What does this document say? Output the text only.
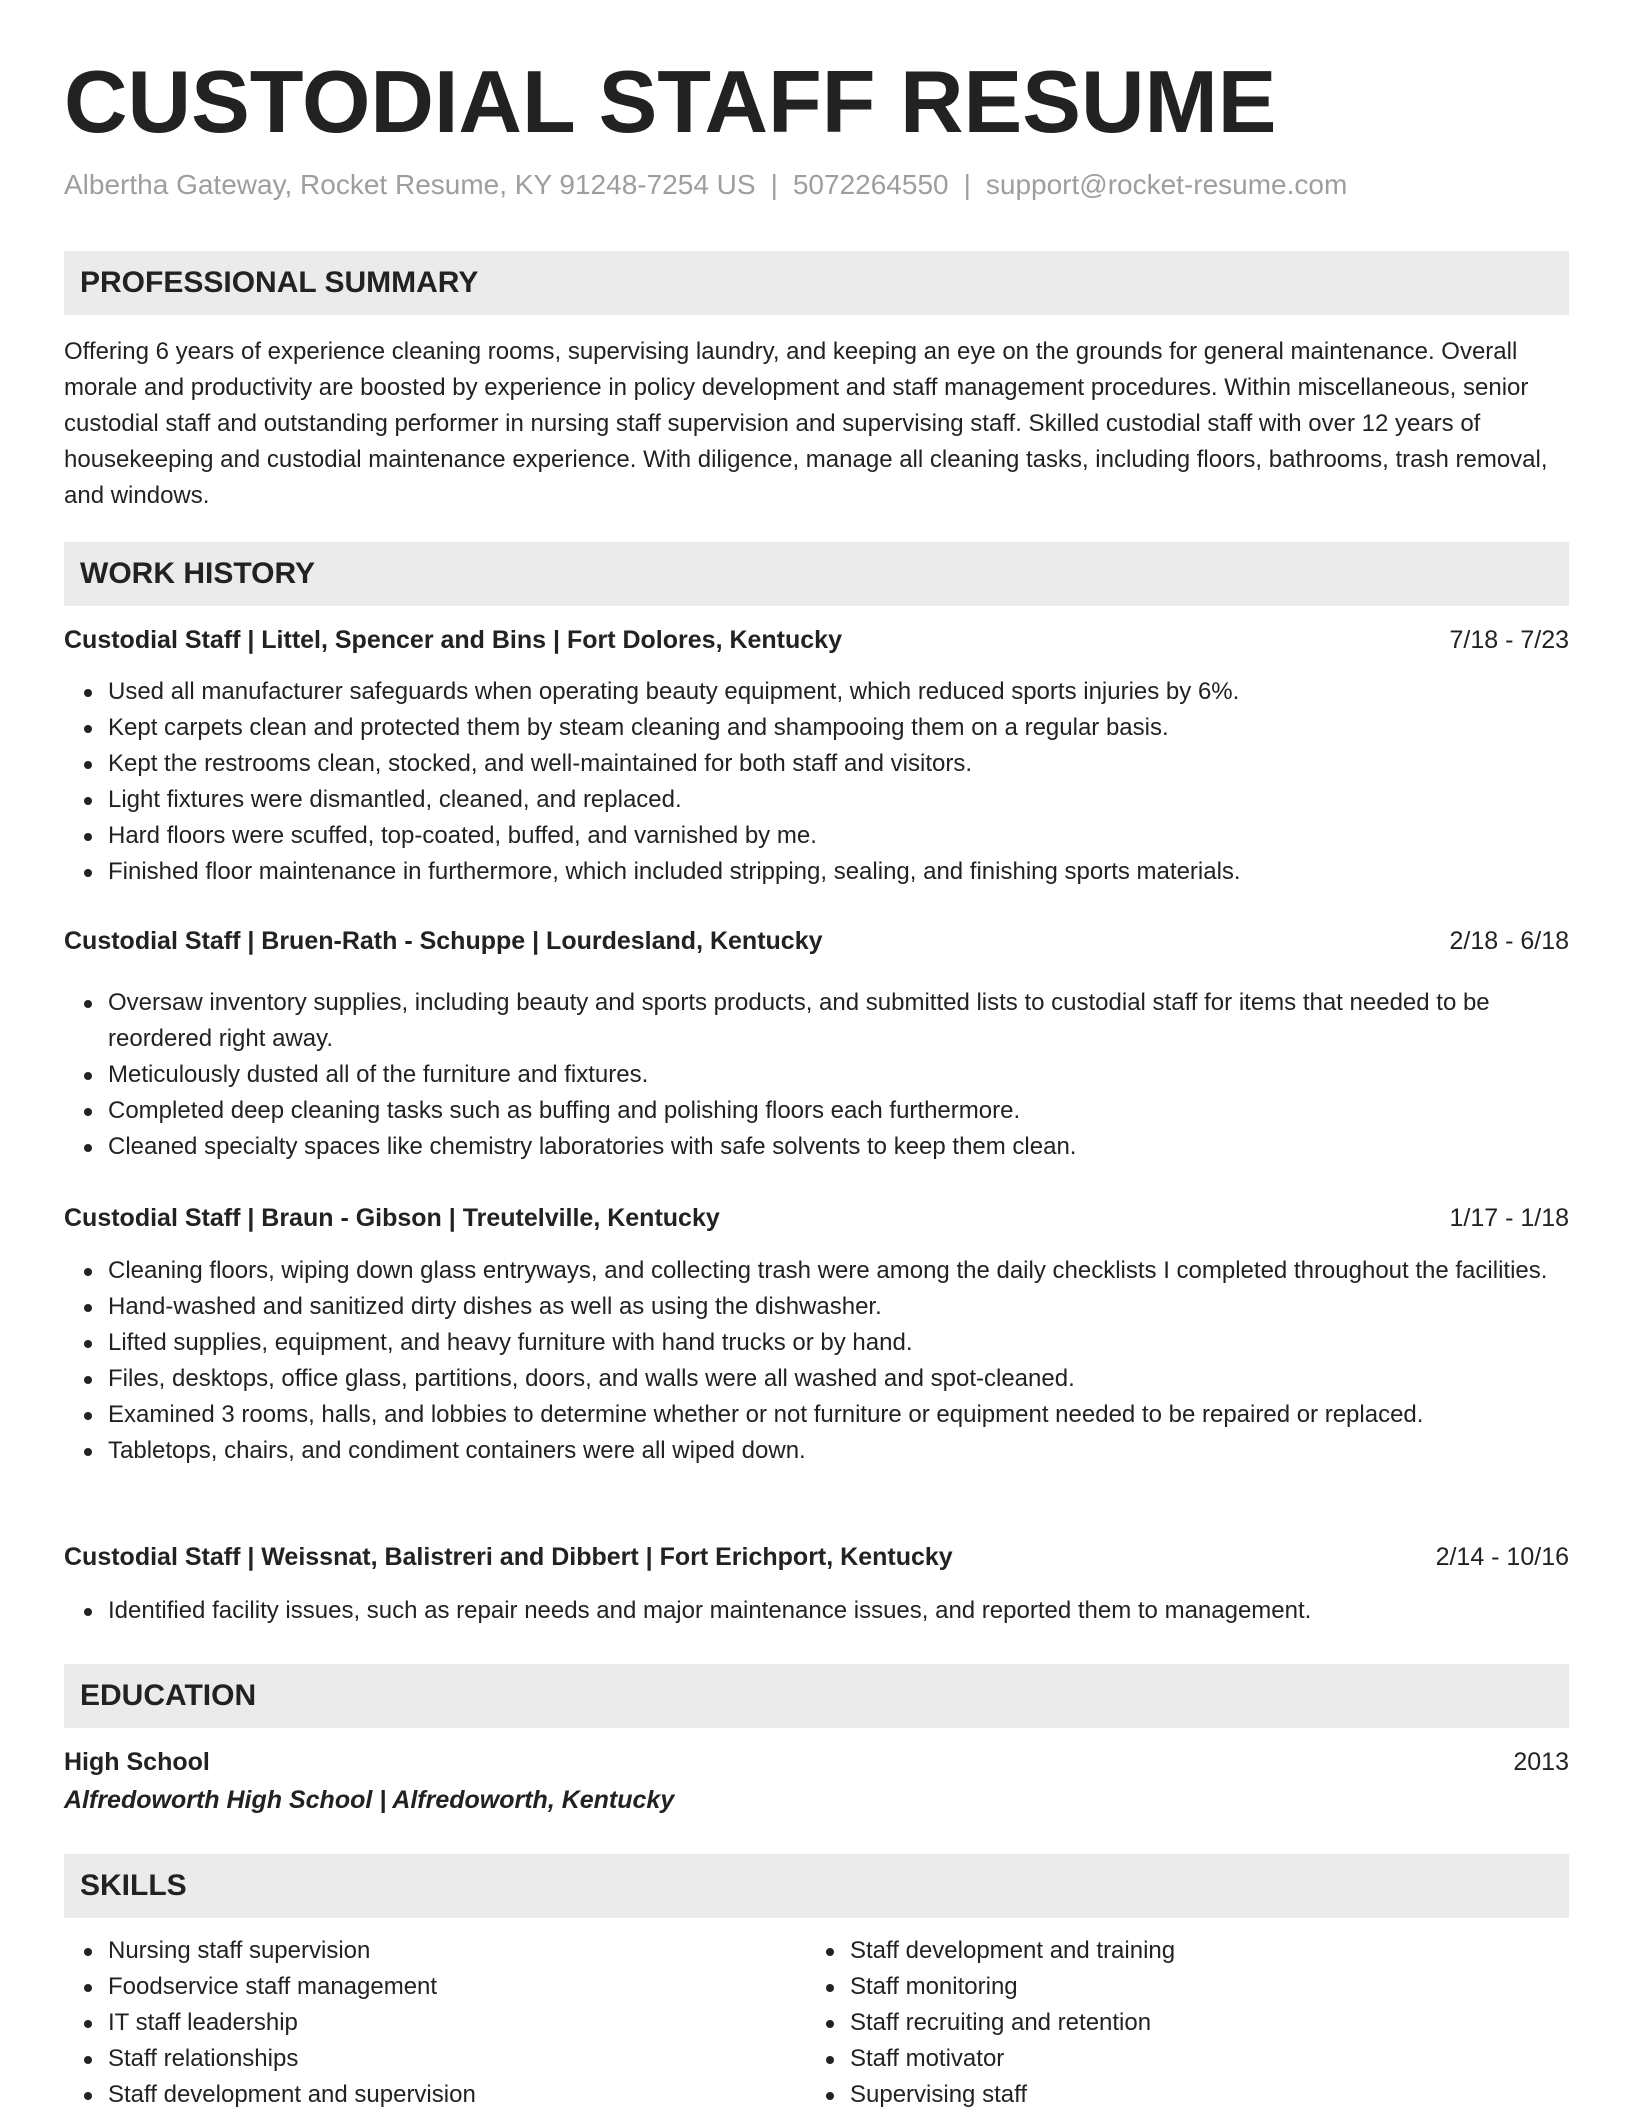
CUSTODIAL STAFF RESUME
Albertha Gateway, Rocket Resume, KY 91248-7254 US | 5072264550 | support@rocket-resume.com
PROFESSIONAL SUMMARY

Offering 6 years of experience cleaning rooms, supervising laundry, and keeping an eye on the grounds for general maintenance. Overall morale and productivity are boosted by experience in policy development and staff management procedures. Within miscellaneous, senior custodial staff and outstanding performer in nursing staff supervision and supervising staff. Skilled custodial staff with over 12 years of housekeeping and custodial maintenance experience. With diligence, manage all cleaning tasks, including floors, bathrooms, trash removal, and windows.

WORK HISTORY
Custodial Staff | Littel, Spencer and Bins | Fort Dolores, Kentucky	7/18 - 7/23
Used all manufacturer safeguards when operating beauty equipment, which reduced sports injuries by 6%.
Kept carpets clean and protected them by steam cleaning and shampooing them on a regular basis.
Kept the restrooms clean, stocked, and well-maintained for both staff and visitors.
Light fixtures were dismantled, cleaned, and replaced.
Hard floors were scuffed, top-coated, buffed, and varnished by me.
Finished floor maintenance in furthermore, which included stripping, sealing, and finishing sports materials.
Custodial Staff | Bruen-Rath - Schuppe | Lourdesland, Kentucky	2/18 - 6/18
Oversaw inventory supplies, including beauty and sports products, and submitted lists to custodial staff for items that needed to be reordered right away.
Meticulously dusted all of the furniture and fixtures.
Completed deep cleaning tasks such as buffing and polishing floors each furthermore.
Cleaned specialty spaces like chemistry laboratories with safe solvents to keep them clean.
Custodial Staff | Braun - Gibson | Treutelville, Kentucky	1/17 - 1/18
Cleaning floors, wiping down glass entryways, and collecting trash were among the daily checklists I completed throughout the facilities.
Hand-washed and sanitized dirty dishes as well as using the dishwasher.
Lifted supplies, equipment, and heavy furniture with hand trucks or by hand.
Files, desktops, office glass, partitions, doors, and walls were all washed and spot-cleaned.
Examined 3 rooms, halls, and lobbies to determine whether or not furniture or equipment needed to be repaired or replaced.
Tabletops, chairs, and condiment containers were all wiped down.
Custodial Staff | Weissnat, Balistreri and Dibbert | Fort Erichport, Kentucky	2/14 - 10/16
Identified facility issues, such as repair needs and major maintenance issues, and reported them to management.
EDUCATION
High School	2013
Alfredoworth High School | Alfredoworth, Kentucky
SKILLS
Nursing staff supervision
Foodservice staff management
IT staff leadership
Staff relationships
Staff development and supervision
Staff development and training
Staff monitoring
Staff recruiting and retention
Staff motivator
Supervising staff
